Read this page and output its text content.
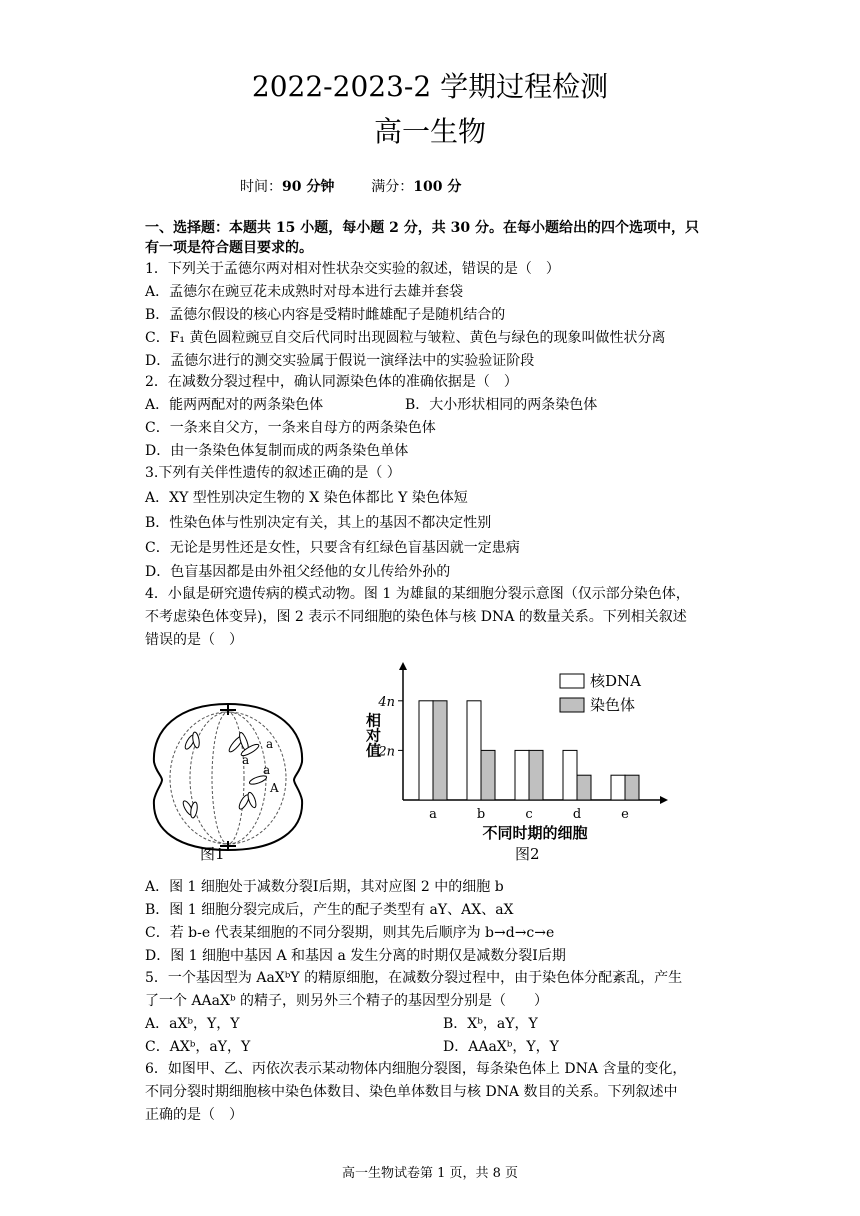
2022-2023-2 学期过程检测
高一生物
时间：90 分钟	满分：100 分
一、选择题：本题共 15 小题，每小题 2 分，共 30 分。在每小题给出的四个选项中，只
有一项是符合题目要求的。
1．下列关于孟德尔两对相对性状杂交实验的叙述，错误的是（　）
A．孟德尔在豌豆花未成熟时对母本进行去雄并套袋
B．孟德尔假设的核心内容是受精时雌雄配子是随机结合的
C．F₁ 黄色圆粒豌豆自交后代同时出现圆粒与皱粒、黄色与绿色的现象叫做性状分离
D．孟德尔进行的测交实验属于假说一演绎法中的实验验证阶段
2．在减数分裂过程中，确认同源染色体的准确依据是（　）
A．能两两配对的两条染色体	B．大小形状相同的两条染色体
C．一条来自父方，一条来自母方的两条染色体
D．由一条染色体复制而成的两条染色单体
3.下列有关伴性遗传的叙述正确的是（ ）
A．XY 型性别决定生物的 X 染色体都比 Y 染色体短
B．性染色体与性别决定有关，其上的基因不都决定性别
C．无论是男性还是女性，只要含有红绿色盲基因就一定患病
D．色盲基因都是由外祖父经他的女儿传给外孙的
4．小鼠是研究遗传病的模式动物。图 1 为雄鼠的某细胞分裂示意图（仅示部分染色体，
不考虑染色体变异)，图 2 表示不同细胞的染色体与核 DNA 的数量关系。下列相关叙述
错误的是（　）
a
a
a
A
图1
4n
2n
相对值
a	b	c	d	e
不同时期的细胞
核DNA
染色体
图2
A．图 1 细胞处于减数分裂Ⅰ后期，其对应图 2 中的细胞 b
B．图 1 细胞分裂完成后，产生的配子类型有 aY、AX、aX
C．若 b-e 代表某细胞的不同分裂期，则其先后顺序为 b→d→c→e
D．图 1 细胞中基因 A 和基因 a 发生分离的时期仅是减数分裂Ⅰ后期
5．一个基因型为 AaXᵇY 的精原细胞，在减数分裂过程中，由于染色体分配紊乱，产生
了一个 AAaXᵇ 的精子，则另外三个精子的基因型分别是（　　）
A．aXᵇ，Y，Y	B．Xᵇ，aY，Y
C．AXᵇ，aY，Y	D．AAaXᵇ，Y，Y
6．如图甲、乙、丙依次表示某动物体内细胞分裂图，每条染色体上 DNA 含量的变化，
不同分裂时期细胞核中染色体数目、染色单体数目与核 DNA 数目的关系。下列叙述中
正确的是（　）
高一生物试卷第 1 页，共 8 页
